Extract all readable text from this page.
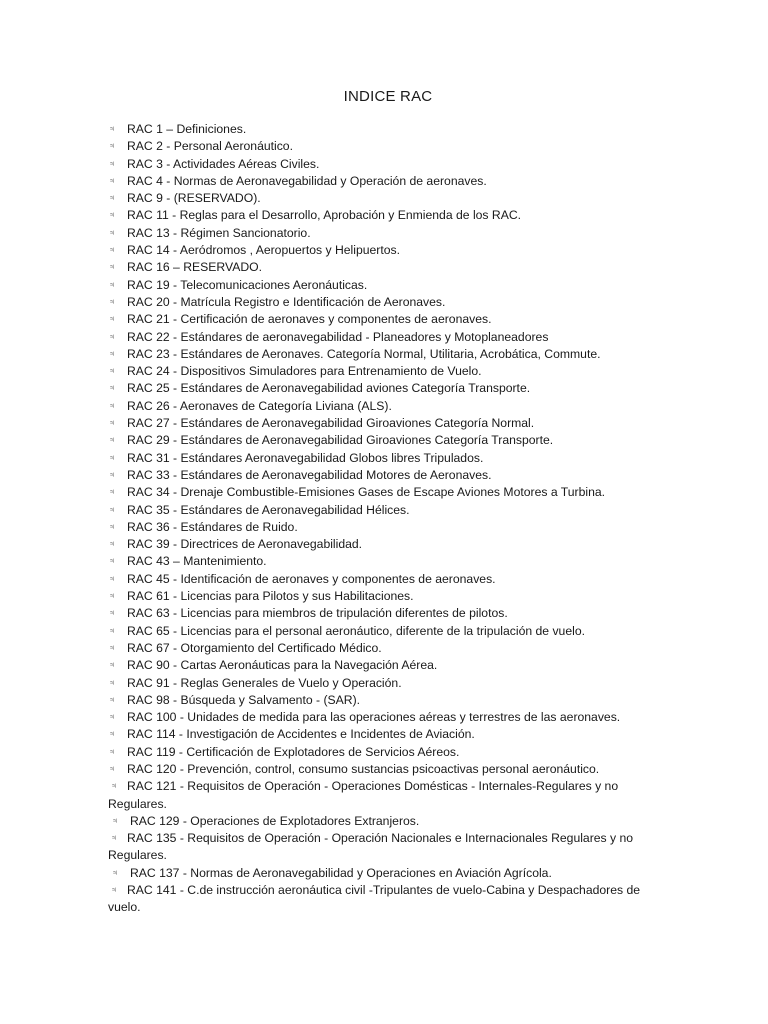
INDICE RAC
♃ RAC 1 – Definiciones.
♃ RAC 2 - Personal Aeronáutico.
♃ RAC 3 - Actividades Aéreas Civiles.
♃ RAC 4 - Normas de Aeronavegabilidad y Operación de aeronaves.
♃ RAC 9 - (RESERVADO).
♃ RAC 11 - Reglas para el Desarrollo, Aprobación y Enmienda de los RAC.
♃ RAC 13 - Régimen Sancionatorio.
♃ RAC 14 - Aeródromos , Aeropuertos y Helipuertos.
♃ RAC 16 – RESERVADO.
♃ RAC 19 - Telecomunicaciones Aeronáuticas.
♃ RAC 20 - Matrícula Registro e Identificación de Aeronaves.
♃ RAC 21 - Certificación de aeronaves y componentes de aeronaves.
♃ RAC 22 - Estándares de aeronavegabilidad - Planeadores y Motoplaneadores
♃ RAC 23 - Estándares de Aeronaves. Categoría Normal, Utilitaria, Acrobática, Commute.
♃ RAC 24 - Dispositivos Simuladores para Entrenamiento de Vuelo.
♃ RAC 25 - Estándares de Aeronavegabilidad aviones Categoría Transporte.
♃ RAC 26 - Aeronaves de Categoría Liviana (ALS).
♃ RAC 27 - Estándares de Aeronavegabilidad Giroaviones Categoría Normal.
♃ RAC 29 - Estándares de Aeronavegabilidad Giroaviones Categoría Transporte.
♃ RAC 31 - Estándares Aeronavegabilidad Globos libres Tripulados.
♃ RAC 33 - Estándares de Aeronavegabilidad Motores de Aeronaves.
♃ RAC 34 - Drenaje Combustible-Emisiones Gases de Escape Aviones Motores a Turbina.
♃ RAC 35 - Estándares de Aeronavegabilidad Hélices.
♃ RAC 36 - Estándares de Ruido.
♃ RAC 39 - Directrices de Aeronavegabilidad.
♃ RAC 43 – Mantenimiento.
♃ RAC 45 - Identificación de aeronaves y componentes de aeronaves.
♃ RAC 61 - Licencias para Pilotos y sus Habilitaciones.
♃ RAC 63 - Licencias para miembros de tripulación diferentes de pilotos.
♃ RAC 65 - Licencias para el personal aeronáutico, diferente de la tripulación de vuelo.
♃ RAC 67 - Otorgamiento del Certificado Médico.
♃ RAC 90 - Cartas Aeronáuticas para la Navegación Aérea.
♃ RAC 91 - Reglas Generales de Vuelo y Operación.
♃ RAC 98 - Búsqueda y Salvamento - (SAR).
♃ RAC 100 - Unidades de medida para las operaciones aéreas y terrestres de las aeronaves.
♃ RAC 114 - Investigación de Accidentes e Incidentes de Aviación.
♃ RAC 119 - Certificación de Explotadores de Servicios Aéreos.
♃ RAC 120 - Prevención, control, consumo sustancias psicoactivas personal aeronáutico.
♃ RAC 121 - Requisitos de Operación - Operaciones Domésticas - Internales-Regulares y no Regulares.
♃ RAC 129 - Operaciones de Explotadores Extranjeros.
♃ RAC 135 - Requisitos de Operación - Operación Nacionales e Internacionales Regulares y no Regulares.
♃ RAC 137 - Normas de Aeronavegabilidad y Operaciones en Aviación Agrícola.
♃ RAC 141 - C.de instrucción aeronáutica civil -Tripulantes de vuelo-Cabina y Despachadores de vuelo.
